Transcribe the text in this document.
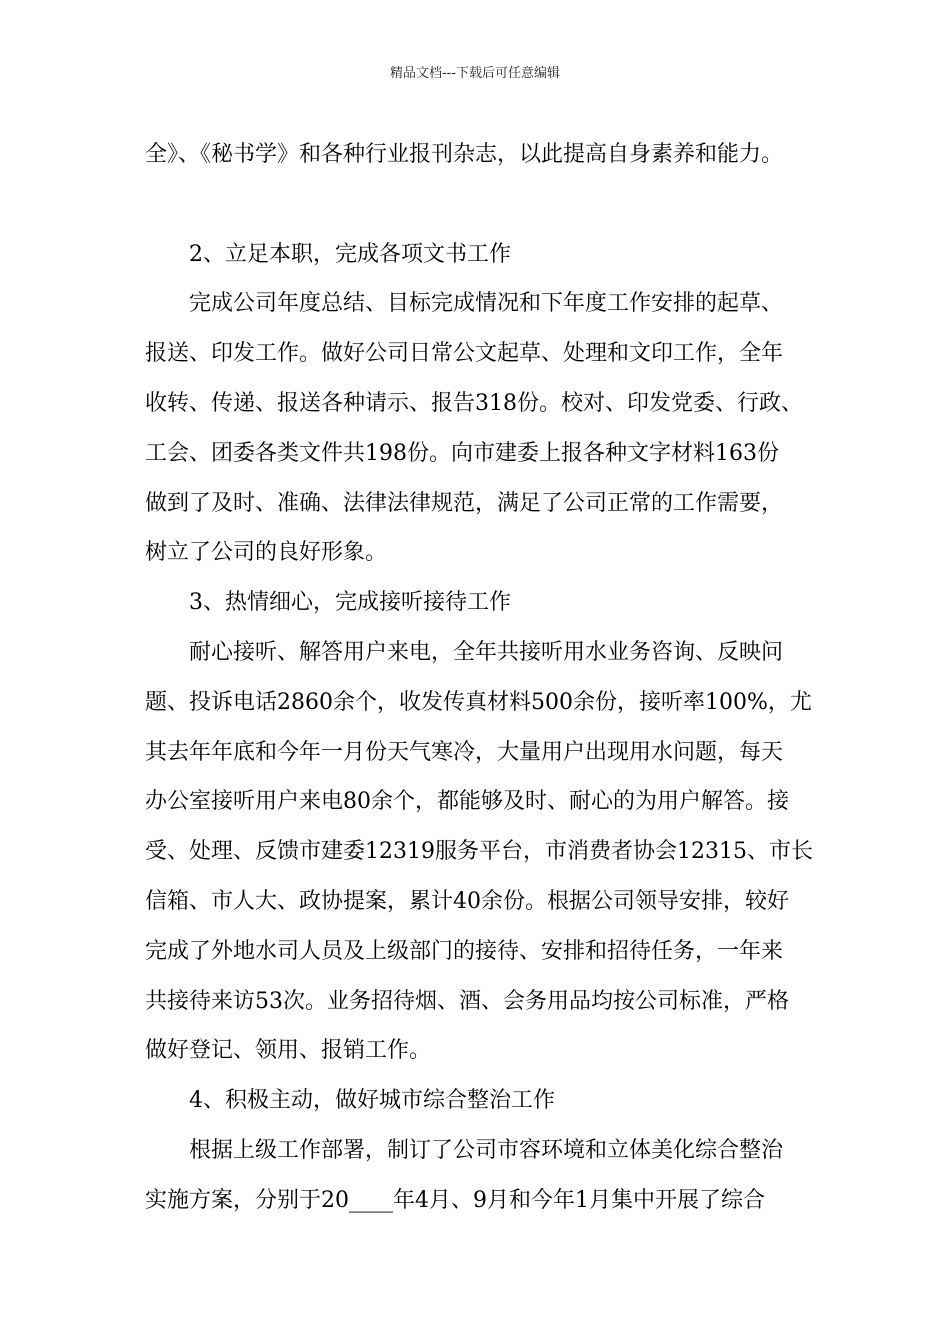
精品文档---下载后可任意编辑
全》、《秘书学》和各种行业报刊杂志，以此提高自身素养和能力。
2、立足本职，完成各项文书工作
完成公司年度总结、目标完成情况和下年度工作安排的起草、
报送、印发工作。做好公司日常公文起草、处理和文印工作，全年
收转、传递、报送各种请示、报告318份。校对、印发党委、行政、
工会、团委各类文件共198份。向市建委上报各种文字材料163份
做到了及时、准确、法律法律规范，满足了公司正常的工作需要，
树立了公司的良好形象。
3、热情细心，完成接听接待工作
耐心接听、解答用户来电，全年共接听用水业务咨询、反映问
题、投诉电话2860余个，收发传真材料500余份，接听率100%，尤
其去年年底和今年一月份天气寒冷，大量用户出现用水问题，每天
办公室接听用户来电80余个，都能够及时、耐心的为用户解答。接
受、处理、反馈市建委12319服务平台，市消费者协会12315、市长
信箱、市人大、政协提案，累计40余份。根据公司领导安排，较好
完成了外地水司人员及上级部门的接待、安排和招待任务，一年来
共接待来访53次。业务招待烟、酒、会务用品均按公司标准，严格
做好登记、领用、报销工作。
4、积极主动，做好城市综合整治工作
根据上级工作部署，制订了公司市容环境和立体美化综合整治
实施方案，分别于20____年4月、9月和今年1月集中开展了综合
